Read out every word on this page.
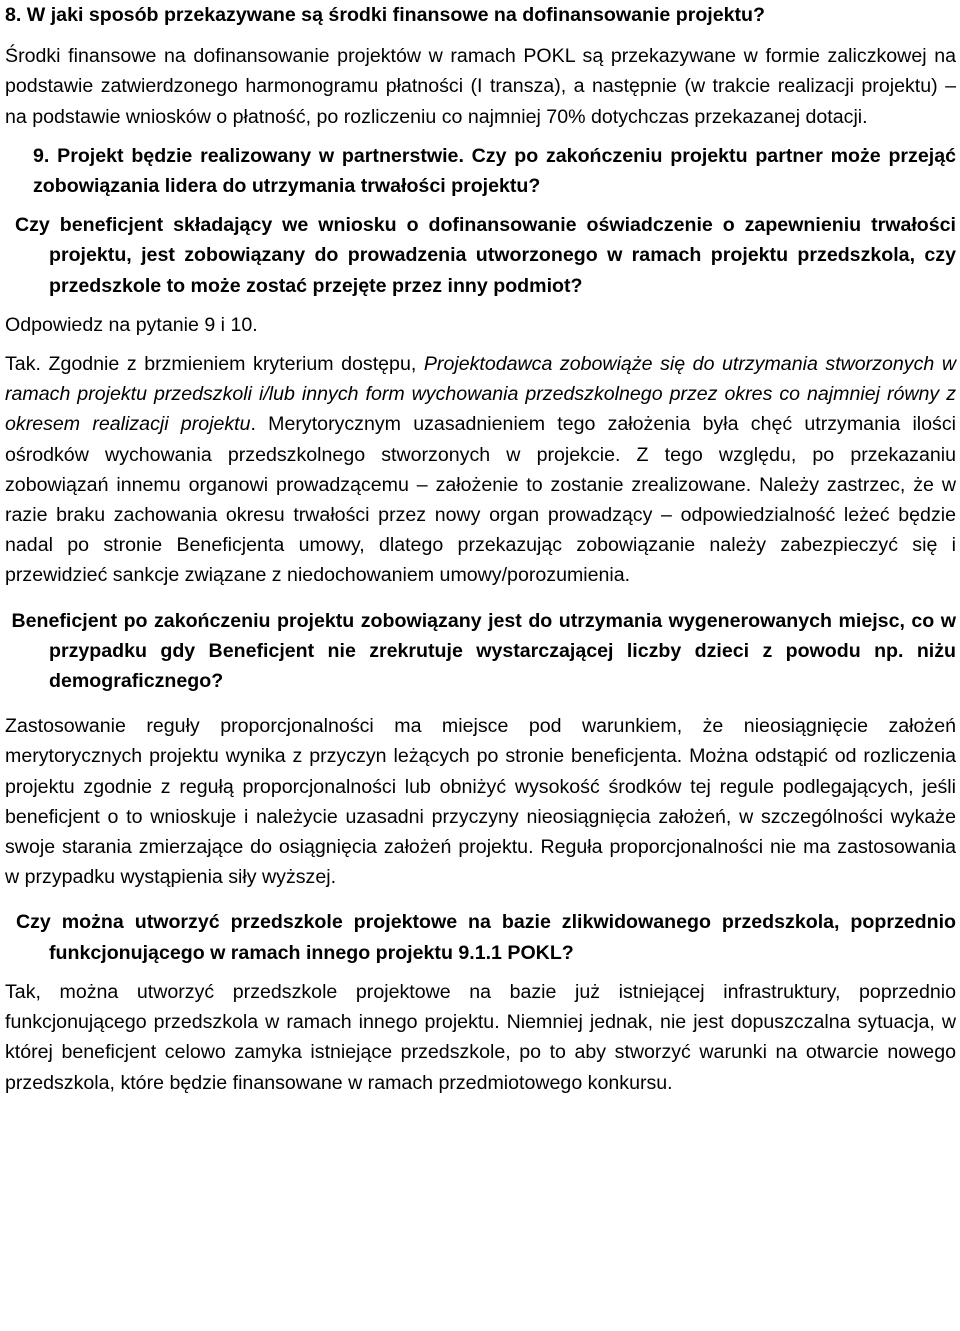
8. W jaki sposób przekazywane są środki finansowe na dofinansowanie projektu?

Środki finansowe na dofinansowanie projektów w ramach POKL są przekazywane w formie zaliczkowej na podstawie zatwierdzonego harmonogramu płatności (I transza), a następnie (w trakcie realizacji projektu) – na podstawie wniosków o płatność, po rozliczeniu co najmniej 70% dotychczas przekazanej dotacji.

9. Projekt będzie realizowany w partnerstwie. Czy po zakończeniu projektu partner może przejąć zobowiązania lidera do utrzymania trwałości projektu?

Czy beneficjent składający we wniosku o dofinansowanie oświadczenie o zapewnieniu trwałości projektu, jest zobowiązany do prowadzenia utworzonego w ramach projektu przedszkola, czy przedszkole to może zostać przejęte przez inny podmiot?

Odpowiedz na pytanie 9 i 10.

Tak. Zgodnie z brzmieniem kryterium dostępu, Projektodawca zobowiąże się do utrzymania stworzonych w ramach projektu przedszkoli i/lub innych form wychowania przedszkolnego przez okres co najmniej równy z okresem realizacji projektu. Merytorycznym uzasadnieniem tego założenia była chęć utrzymania ilości ośrodków wychowania przedszkolnego stworzonych w projekcie. Z tego względu, po przekazaniu zobowiązań innemu organowi prowadzącemu – założenie to zostanie zrealizowane. Należy zastrzec, że w razie braku zachowania okresu trwałości przez nowy organ prowadzący – odpowiedzialność leżeć będzie nadal po stronie Beneficjenta umowy, dlatego przekazując zobowiązanie należy zabezpieczyć się i przewidzieć sankcje związane z niedochowaniem umowy/porozumienia.

Beneficjent po zakończeniu projektu zobowiązany jest do utrzymania wygenerowanych miejsc, co w przypadku gdy Beneficjent nie zrekrutuje wystarczającej liczby dzieci z powodu np. niżu demograficznego?

Zastosowanie reguły proporcjonalności ma miejsce pod warunkiem, że nieosiągnięcie założeń merytorycznych projektu wynika z przyczyn leżących po stronie beneficjenta. Można odstąpić od rozliczenia projektu zgodnie z regułą proporcjonalności lub obniżyć wysokość środków tej regule podlegających, jeśli beneficjent o to wnioskuje i należycie uzasadni przyczyny nieosiągnięcia założeń, w szczególności wykaże swoje starania zmierzające do osiągnięcia założeń projektu. Reguła proporcjonalności nie ma zastosowania w przypadku wystąpienia siły wyższej.

Czy można utworzyć przedszkole projektowe na bazie zlikwidowanego przedszkola, poprzednio funkcjonującego w ramach innego projektu 9.1.1 POKL?

Tak, można utworzyć przedszkole projektowe na bazie już istniejącej infrastruktury, poprzednio funkcjonującego przedszkola w ramach innego projektu. Niemniej jednak, nie jest dopuszczalna sytuacja, w której beneficjent celowo zamyka istniejące przedszkole, po to aby stworzyć warunki na otwarcie nowego przedszkola, które będzie finansowane w ramach przedmiotowego konkursu.
